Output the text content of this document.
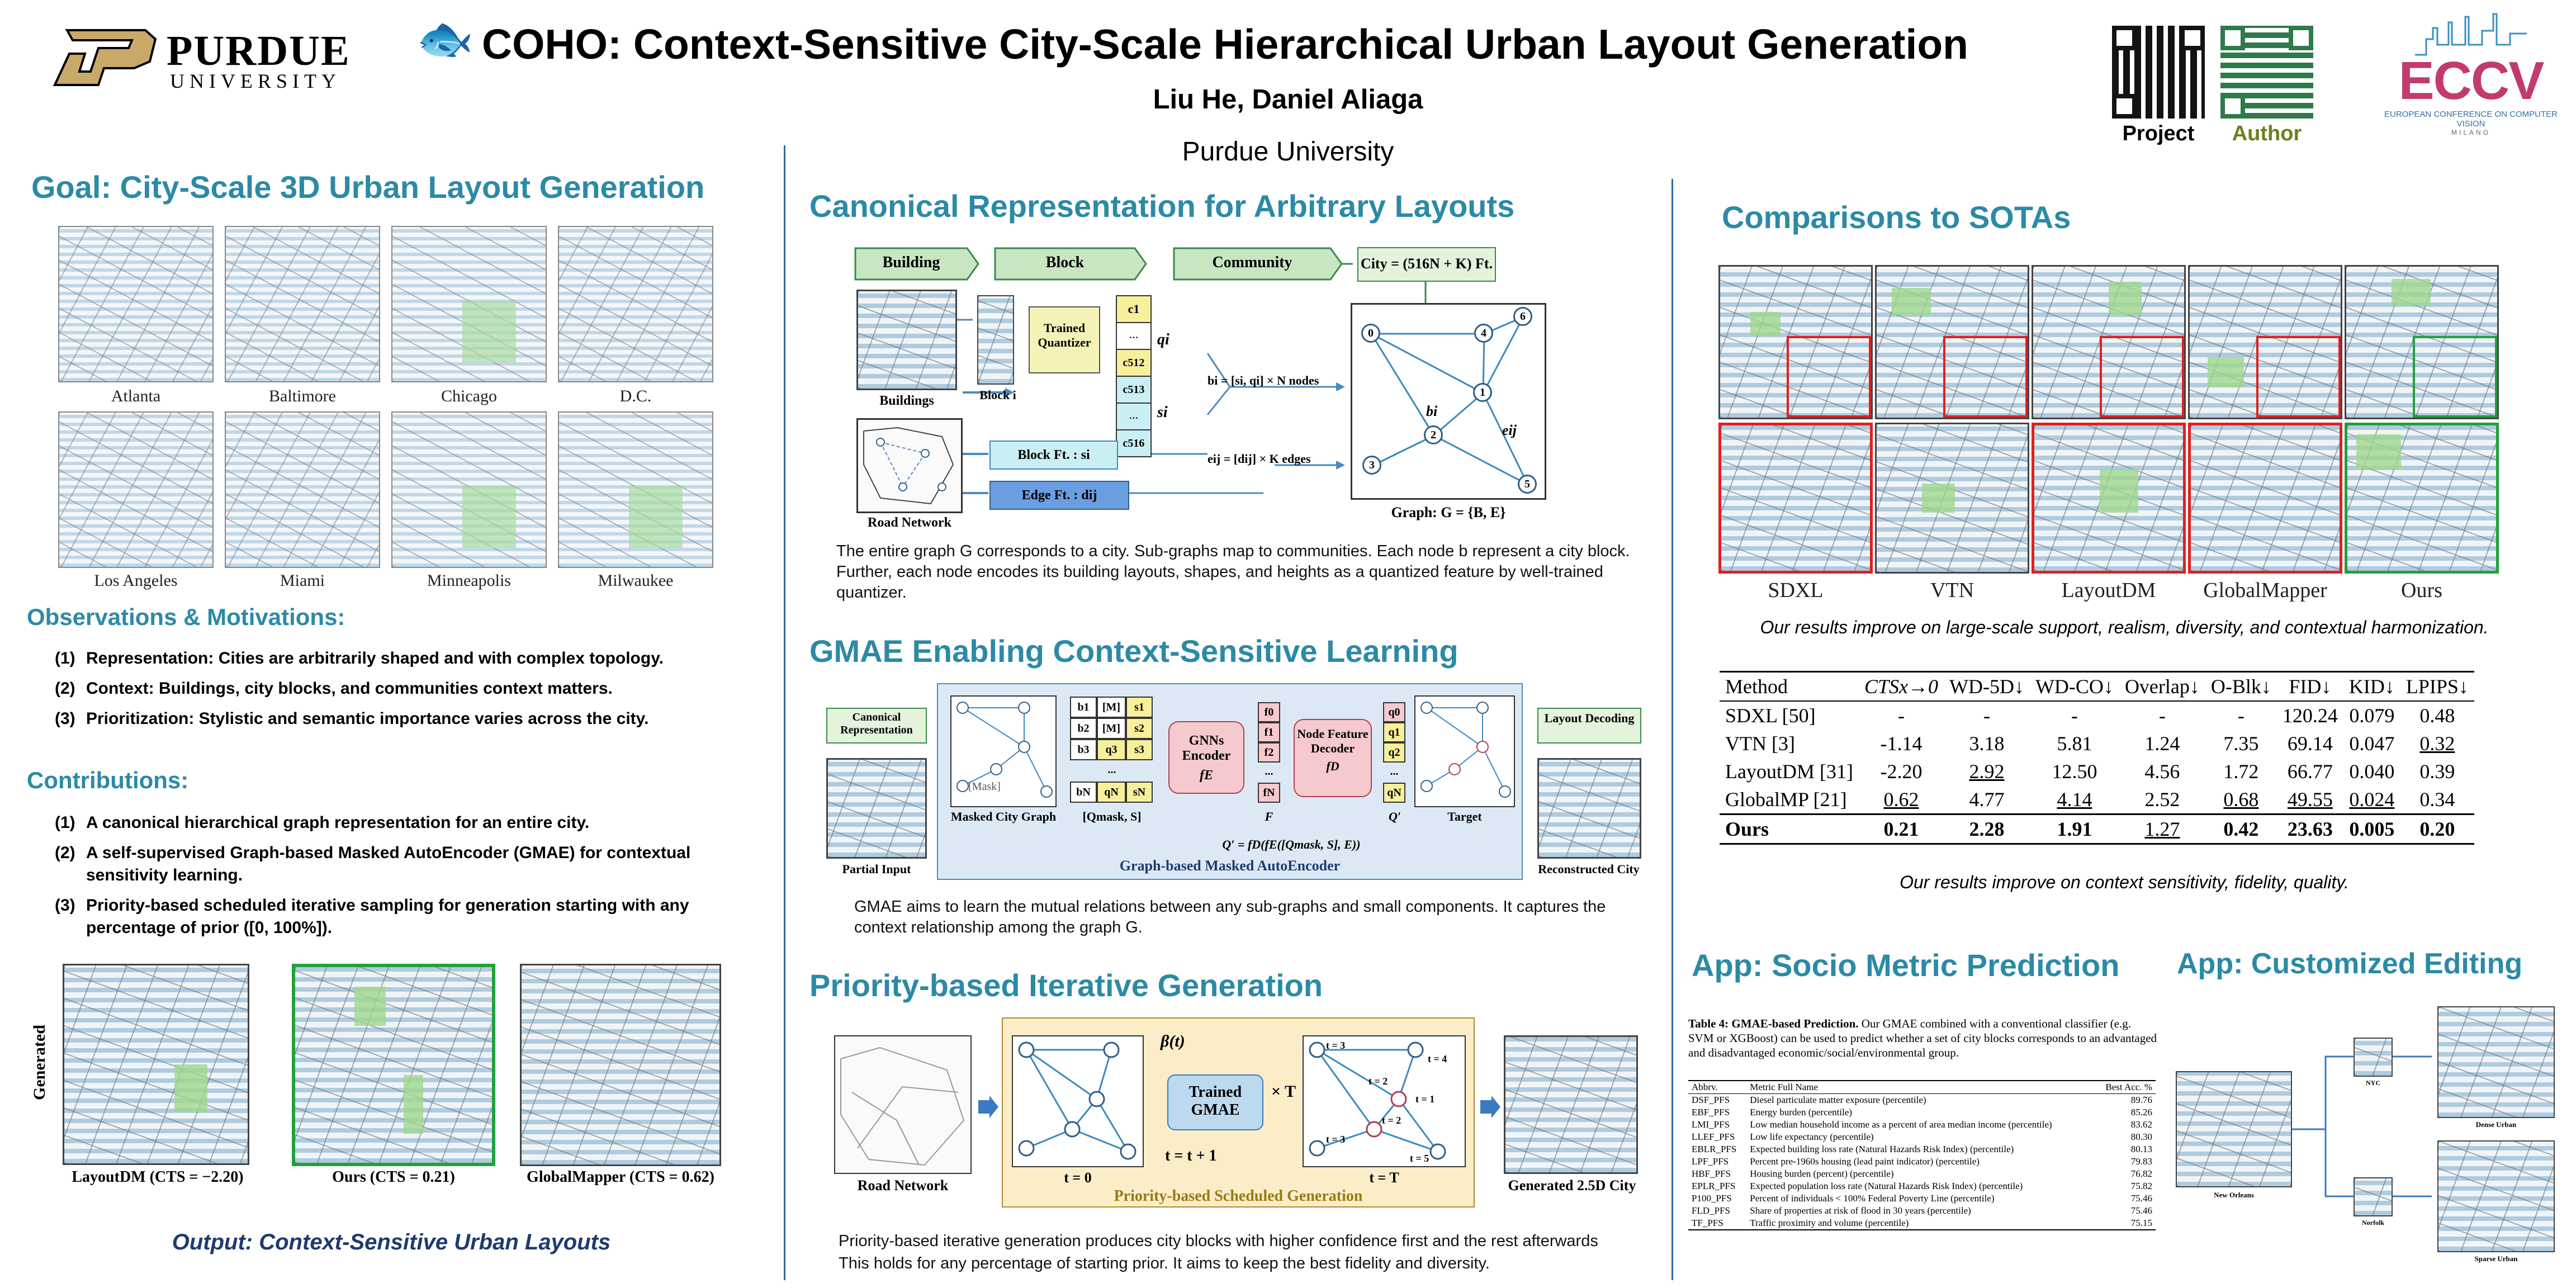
PURDUE
UNIVERSITY
🐟 COHO: Context-Sensitive City-Scale Hierarchical Urban Layout Generation
Liu He, Daniel Aliaga
Purdue University
Project	Author
ECCV
EUROPEAN CONFERENCE ON COMPUTER VISION
MILANO
Goal: City-Scale 3D Urban Layout Generation
Atlanta	Baltimore	Chicago	D.C.
Los Angeles	Miami	Minneapolis	Milwaukee
Observations & Motivations:
(1) Representation: Cities are arbitrarily shaped and with complex topology.
(2) Context: Buildings, city blocks, and communities context matters.
(3) Prioritization: Stylistic and semantic importance varies across the city.
Contributions:
(1) A canonical hierarchical graph representation for an entire city.
(2) A self-supervised Graph-based Masked AutoEncoder (GMAE) for contextual sensitivity learning.
(3) Priority-based scheduled iterative sampling for generation starting with any percentage of prior ([0, 100%]).
Generated
LayoutDM (CTS = −2.20)	Ours (CTS = 0.21)	GlobalMapper (CTS = 0.62)
Output: Context-Sensitive Urban Layouts
Canonical Representation for Arbitrary Layouts
Building	Block	Community	City = (516N + K) Ft.
Buildings	Block i
Trained Quantizer
c1
...
c512
c513
...
c516
qi
si
bi = [si, qi] × N nodes
eij = [dij] × K edges
Road Network
Block Ft. : si
Edge Ft. : dij
0
1
2
3
4
5
6
bi
eij
Graph: G = {B, E}
The entire graph G corresponds to a city. Sub-graphs map to communities. Each node b represent a city block. Further, each node encodes its building layouts, shapes, and heights as a quantized feature by well-trained quantizer.
GMAE Enabling Context-Sensitive Learning
Canonical Representation
Partial Input
[Mask]
Masked City Graph
b1	[M]	s1
b2	[M]	s2
b3	q3	s3
...
bN	qN	sN
[Qmask, S]
GNNs Encoder
fE
f0
f1
f2
...
fN
F
Node Feature Decoder
fD
q0
q1
q2
...
qN
Q′
Q′ = fD(fE([Qmask, S], E))
Target
Graph-based Masked AutoEncoder
Layout Decoding
Reconstructed City
GMAE aims to learn the mutual relations between any sub-graphs and small components. It captures the context relationship among the graph G.
Priority-based Iterative Generation
Road Network	t = 0
β(t)
Trained GMAE
× T
t = t + 1
t = 3
t = 4
t = 2
t = 1
t = 2
t = 3
t = 5
t = T
Priority-based Scheduled Generation
Generated 2.5D City
Priority-based iterative generation produces city blocks with higher confidence first and the rest afterwards
This holds for any percentage of starting prior. It aims to keep the best fidelity and diversity.
Comparisons to SOTAs
SDXL	VTN	LayoutDM	GlobalMapper	Ours
Our results improve on large-scale support, realism, diversity, and contextual harmonization.
Method	CTSx→0	WD-5D↓	WD-CO↓	Overlap↓	O-Blk↓	FID↓	KID↓	LPIPS↓
SDXL [50]	-	-	-	-	-	120.24	0.079	0.48
VTN [3]	-1.14	3.18	5.81	1.24	7.35	69.14	0.047	0.32
LayoutDM [31]	-2.20	2.92	12.50	4.56	1.72	66.77	0.040	0.39
GlobalMP [21]	0.62	4.77	4.14	2.52	0.68	49.55	0.024	0.34
Ours	0.21	2.28	1.91	1.27	0.42	23.63	0.005	0.20
Our results improve on context sensitivity, fidelity, quality.
App: Socio Metric Prediction App: Customized Editing
Table 4: GMAE-based Prediction. Our GMAE combined with a conventional classifier (e.g. SVM or XGBoost) can be used to predict whether a set of city blocks corresponds to an advantaged and disadvantaged economic/social/environmental group.
Abbrv.	Metric Full Name	Best Acc. %
DSF_PFS	Diesel particulate matter exposure (percentile)	89.76
EBF_PFS	Energy burden (percentile)	85.26
LMI_PFS	Low median household income as a percent of area median income (percentile)	83.62
LLEF_PFS	Low life expectancy (percentile)	80.30
EBLR_PFS	Expected building loss rate (Natural Hazards Risk Index) (percentile)	80.13
LPF_PFS	Percent pre-1960s housing (lead paint indicator) (percentile)	79.83
HBF_PFS	Housing burden (percent) (percentile)	76.82
EPLR_PFS	Expected population loss rate (Natural Hazards Risk Index) (percentile)	75.82
P100_PFS	Percent of individuals < 100% Federal Poverty Line (percentile)	75.46
FLD_PFS	Share of properties at risk of flood in 30 years (percentile)	75.46
TF_PFS	Traffic proximity and volume (percentile)	75.15
New Orleans
NYC
Norfolk
Dense Urban
Sparse Urban
